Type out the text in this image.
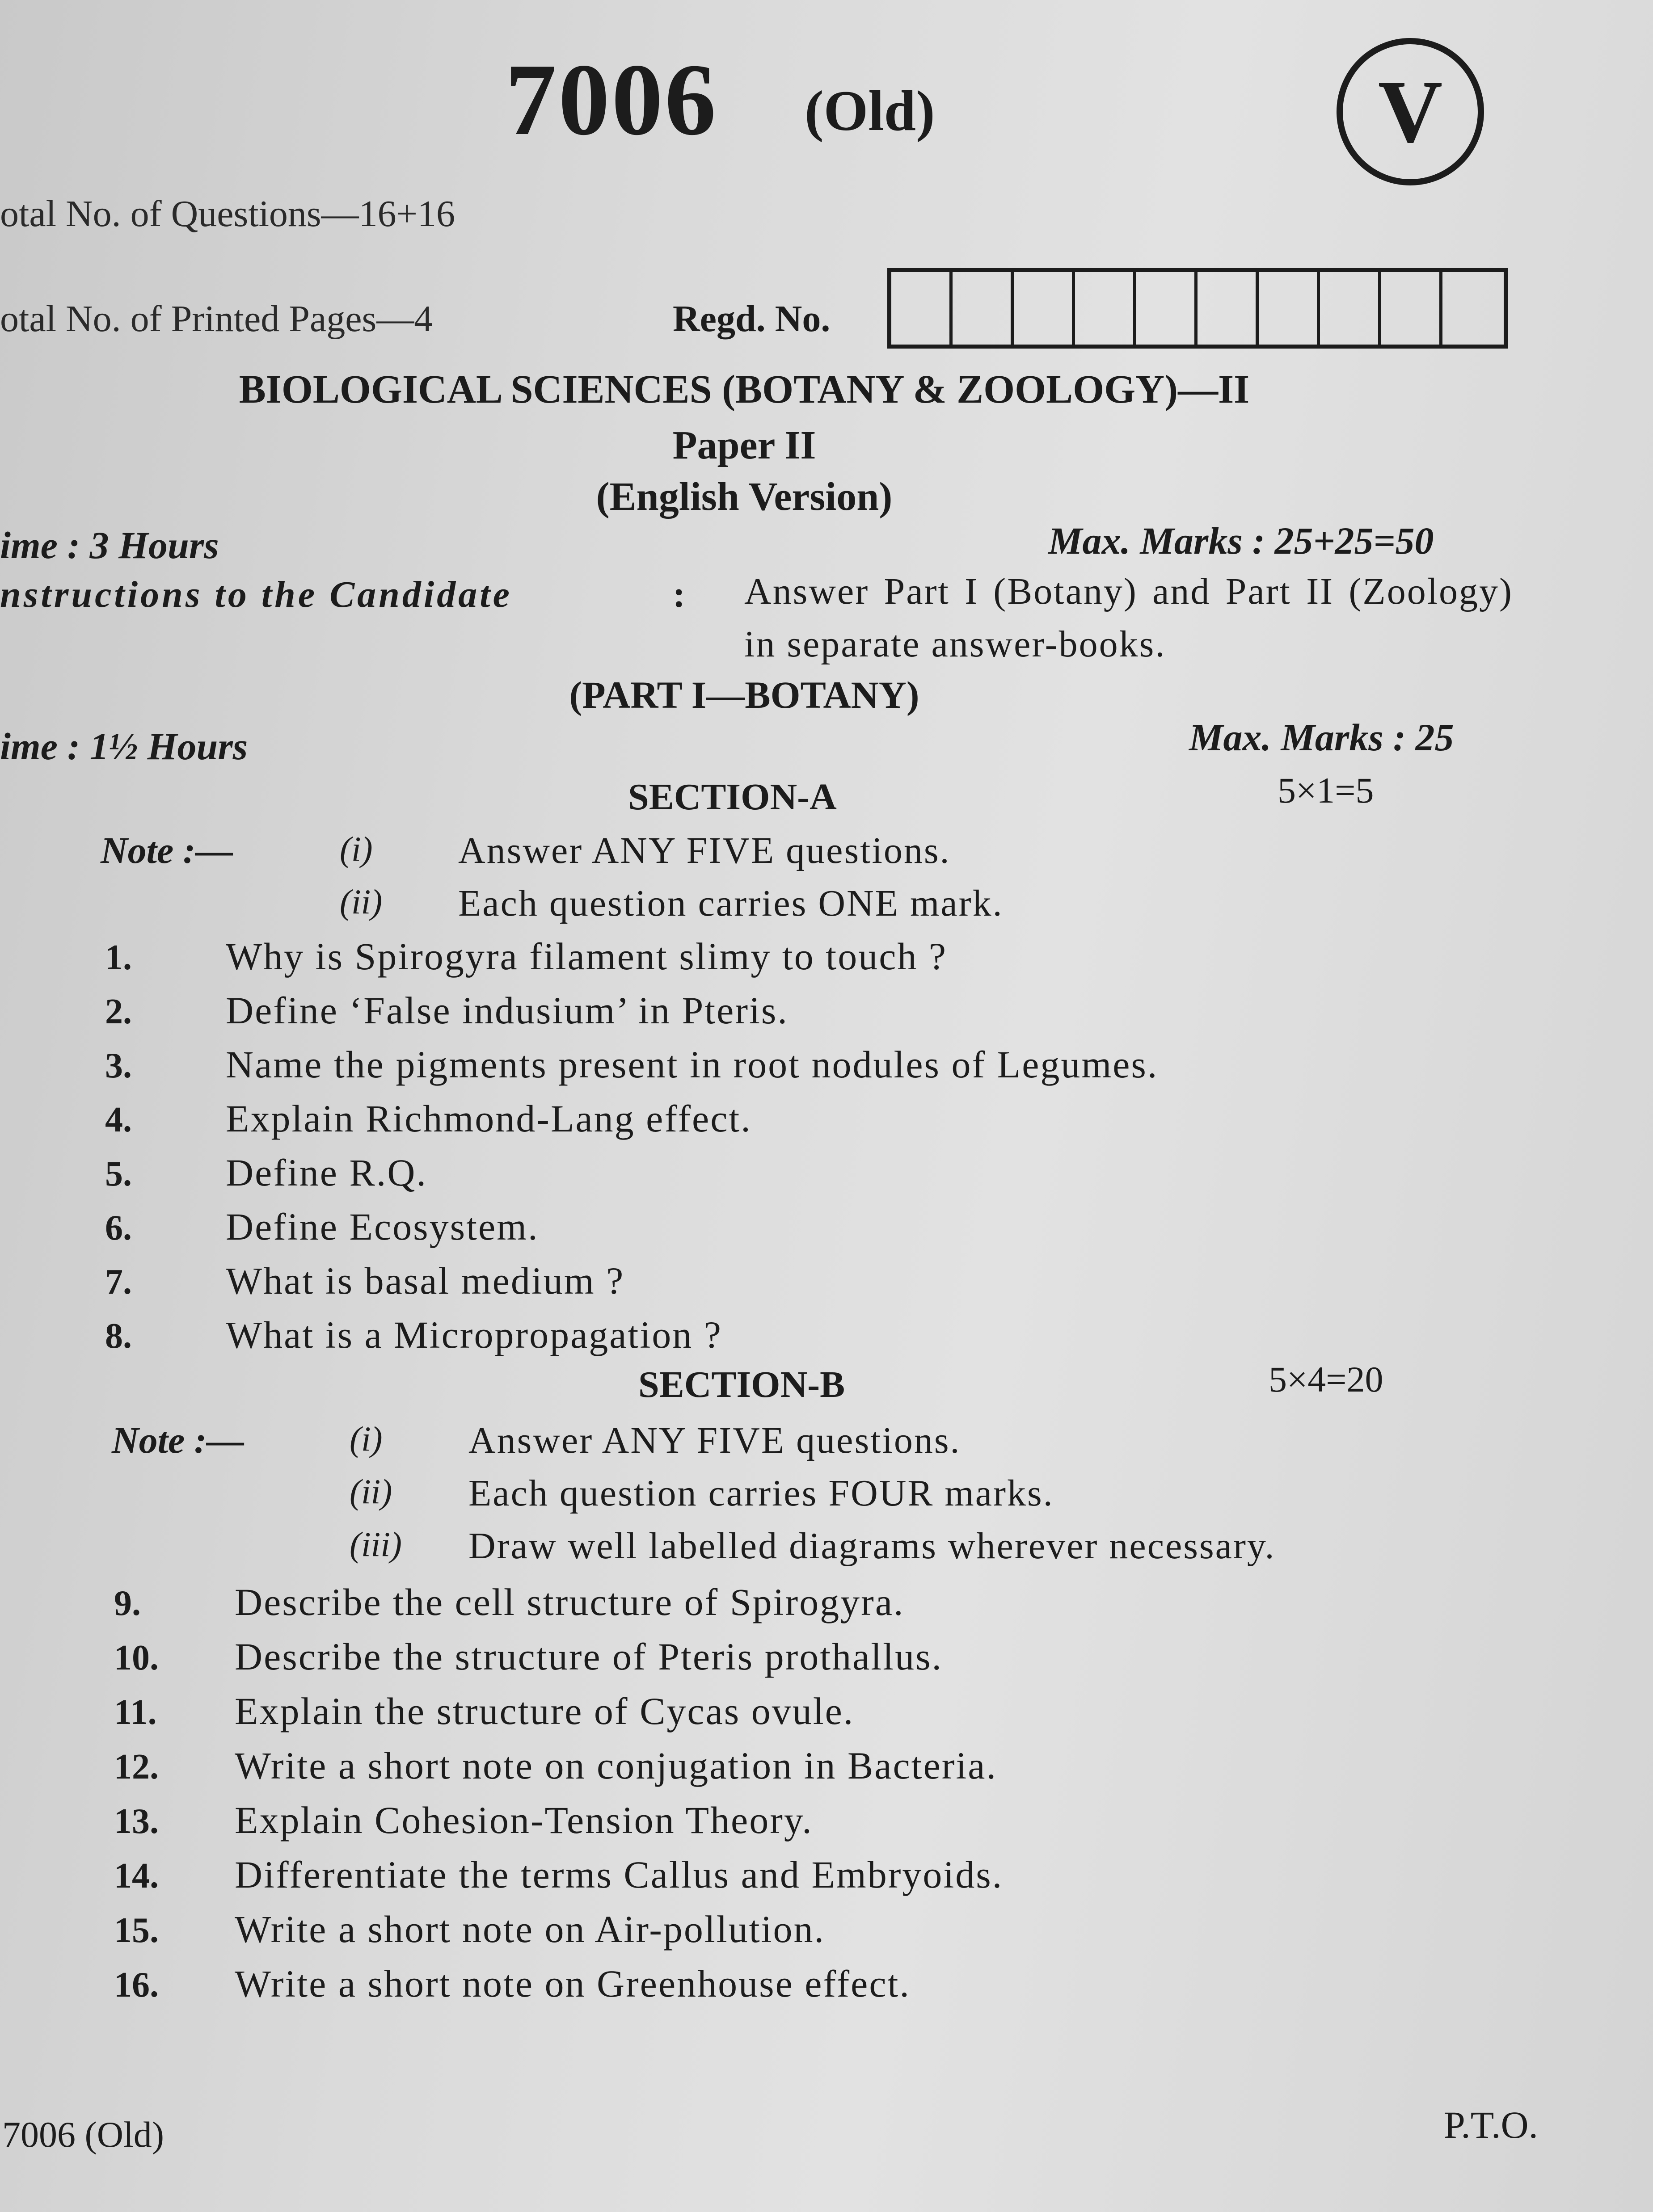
7006 (Old)	V
otal No. of Questions—16+16
otal No. of Printed Pages—4	Regd. No.
BIOLOGICAL SCIENCES (BOTANY & ZOOLOGY)—II
Paper II
(English Version)
ime : 3 Hours	Max. Marks : 25+25=50
nstructions to the Candidate	: Answer Part I (Botany) and Part II (Zoology) in separate answer-books.
(PART I—BOTANY)
ime : 1½ Hours	Max. Marks : 25
SECTION-A	5×1=5
Note :—	(i) Answer ANY FIVE questions.
(ii) Each question carries ONE mark.
1. Why is Spirogyra filament slimy to touch ?
2. Define ‘False indusium’ in Pteris.
3. Name the pigments present in root nodules of Legumes.
4. Explain Richmond-Lang effect.
5. Define R.Q.
6. Define Ecosystem.
7. What is basal medium ?
8. What is a Micropropagation ?
SECTION-B	5×4=20
Note :—	(i) Answer ANY FIVE questions.
(ii) Each question carries FOUR marks.
(iii) Draw well labelled diagrams wherever necessary.
9. Describe the cell structure of Spirogyra.
10. Describe the structure of Pteris prothallus.
11. Explain the structure of Cycas ovule.
12. Write a short note on conjugation in Bacteria.
13. Explain Cohesion-Tension Theory.
14. Differentiate the terms Callus and Embryoids.
15. Write a short note on Air-pollution.
16. Write a short note on Greenhouse effect.
7006 (Old)	P.T.O.
